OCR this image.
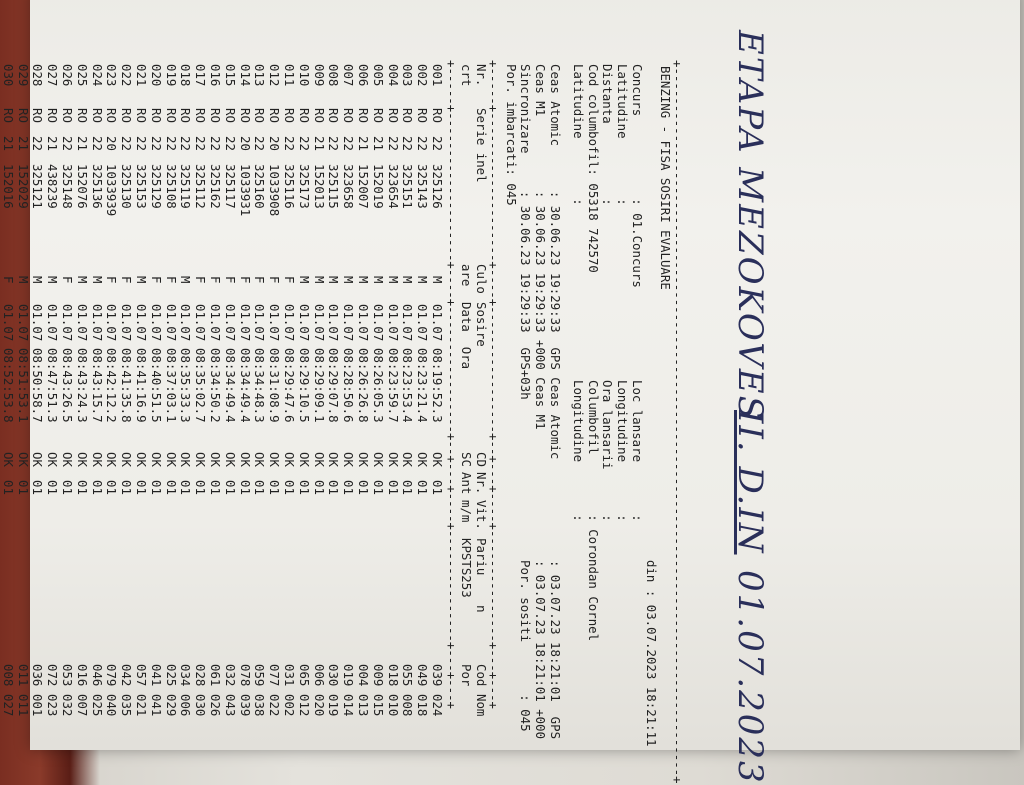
ETAPA MEZOKOVES
II. D.IN
01.07.2023
+-----------------------------------------------------------------------------------------------+
BENZING - FISA SOSIRI EVALUARE
din : 03.07.2023 18:21:11
Concurs           : 01.Concurs
Latitudine        :
Distanta          :
Cod columbofil: 05318 742570
Latitudine        :
Loc lansare       :
Longitudine       :
Ora lansarii      :
Columbofil        : Corondan Cornel
Longitudine       :
Ceas Atomic      : 30.06.23 19:29:33  GPS Ceas Atomic
Ceas M1          : 30.06.23 19:29:33 +000 Ceas M1
Sincronizare     : 30.06.23 19:29:33  GPS+03h
Por. imbarcati: 045
: 03.07.23 18:21:01  GPS
: 03.07.23 18:21:01 +000
Por. sositi       : 045
+-----+--------------------+----+-----------------+--+---+----+---------------+---+---+
Nr.
crt
Serie inel
Culo
are
Sosire
Data  Ora
CD
SC
Nr.
Ant
Vit.
m/m
Pariu    n
KPSTS253
Cod
Por
Nom
+-----+--------------------+----+-----------------+--+---+----+---------------+---+---+
001
RO
22
325126
M
01.07
08:19:52.3
OK
01
039
024
002
RO
22
325143
M
01.07
08:23:21.4
OK
01
049
018
003
RO
22
325151
M
01.07
08:23:53.4
OK
01
055
008
004
RO
22
323654
M
01.07
08:23:59.7
OK
01
018
010
005
RO
21
152019
M
01.07
08:26:05.3
OK
01
009
015
006
RO
21
152007
M
01.07
08:26:26.8
OK
01
004
013
007
RO
22
323658
M
01.07
08:28:50.6
OK
01
019
014
008
RO
22
325115
M
01.07
08:29:07.8
OK
01
030
019
009
RO
21
152013
M
01.07
08:29:09.1
OK
01
006
020
010
RO
22
325173
M
01.07
08:29:10.5
OK
01
065
012
011
RO
22
325116
F
01.07
08:29:47.6
OK
01
031
002
012
RO
20
1033908
F
01.07
08:31:08.9
OK
01
077
022
013
RO
22
325160
F
01.07
08:34:48.3
OK
01
059
038
014
RO
20
1033931
F
01.07
08:34:49.4
OK
01
078
039
015
RO
22
325117
F
01.07
08:34:49.4
OK
01
032
043
016
RO
22
325162
F
01.07
08:34:50.2
OK
01
061
026
017
RO
22
325112
F
01.07
08:35:02.7
OK
01
028
030
018
RO
22
325119
M
01.07
08:35:33.3
OK
01
034
006
019
RO
22
325108
F
01.07
08:37:03.1
OK
01
025
029
020
RO
22
325129
F
01.07
08:40:51.5
OK
01
041
041
021
RO
22
325153
M
01.07
08:41:16.9
OK
01
057
021
022
RO
22
325130
F
01.07
08:41:35.8
OK
01
042
035
023
RO
20
1033939
F
01.07
08:42:12.2
OK
01
079
040
024
RO
22
325136
M
01.07
08:43:15.7
OK
01
046
025
025
RO
21
152076
M
01.07
08:43:24.3
OK
01
016
007
026
RO
22
325148
F
01.07
08:43:26.5
OK
01
053
032
027
RO
21
438239
M
01.07
08:47:51.3
OK
01
072
023
028
RO
22
325121
M
01.07
08:50:58.7
OK
01
036
001
029
RO
21
152029
M
01.07
08:51:53.1
OK
01
011
011
030
RO
21
152016
F
01.07
08:52:53.8
OK
01
008
027
